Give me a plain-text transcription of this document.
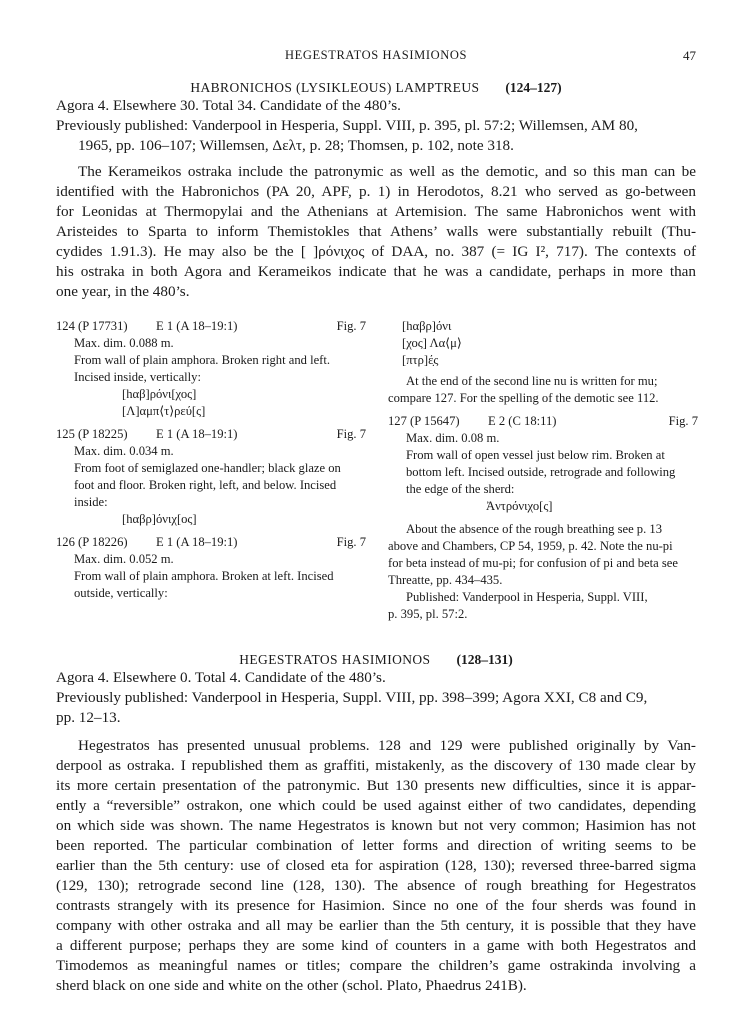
HEGESTRATOS HASIMIONOS	47
HABRONICHOS (LYSIKLEOUS) LAMPTREUS (124–127)

Agora 4. Elsewhere 30. Total 34. Candidate of the 480’s.

Previously published: Vanderpool in Hesperia, Suppl. VIII, p. 395, pl. 57:2; Willemsen, AM 80,

1965, pp. 106–107; Willemsen, Δελτ, p. 28; Thomsen, p. 102, note 318.

The Kerameikos ostraka include the patronymic as well as the demotic, and so this man can be

identified with the Habronichos (PA 20, APF, p. 1) in Herodotos, 8.21 who served as go-between

for Leonidas at Thermopylai and the Athenians at Artemision. The same Habronichos went with

Aristeides to Sparta to inform Themistokles that Athens’ walls were substantially rebuilt (Thu-

cydides 1.91.3). He may also be the [ ]ρόνιχος of DAA, no. 387 (= IG I², 717). The contexts of

his ostraka in both Agora and Kerameikos indicate that he was a candidate, perhaps in more than

one year, in the 480’s.

124 (P 17731) E 1 (A 18–19:1)	Fig. 7

Max. dim. 0.088 m.

From wall of plain amphora. Broken right and left.

Incised inside, vertically:

[hαβ]ρόνι[χος]

[Λ]αμπ⟨τ⟩ρεύ[ς]

125 (P 18225) E 1 (A 18–19:1)	Fig. 7

Max. dim. 0.034 m.

From foot of semiglazed one-handler; black glaze on

foot and floor. Broken right, left, and below. Incised

inside:

[hαβρ]όνιχ[ος]

126 (P 18226) E 1 (A 18–19:1)	Fig. 7

Max. dim. 0.052 m.

From wall of plain amphora. Broken at left. Incised

outside, vertically:

[hαβρ]όνι

[χος] Λα⟨μ⟩

[πτρ]έ̣ς

At the end of the second line nu is written for mu;

compare 127. For the spelling of the demotic see 112.

127 (P 15647) E 2 (C 18:11)	Fig. 7

Max. dim. 0.08 m.

From wall of open vessel just below rim. Broken at

bottom left. Incised outside, retrograde and following

the edge of the sherd:

Ἀντρόνιχο[ς]

About the absence of the rough breathing see p. 13

above and Chambers, CP 54, 1959, p. 42. Note the nu-pi

for beta instead of mu-pi; for confusion of pi and beta see

Threatte, pp. 434–435.

Published: Vanderpool in Hesperia, Suppl. VIII,

p. 395, pl. 57:2.

HEGESTRATOS HASIMIONOS (128–131)

Agora 4. Elsewhere 0. Total 4. Candidate of the 480’s.

Previously published: Vanderpool in Hesperia, Suppl. VIII, pp. 398–399; Agora XXI, C8 and C9,

pp. 12–13.

Hegestratos has presented unusual problems. 128 and 129 were published originally by Van-

derpool as ostraka. I republished them as graffiti, mistakenly, as the discovery of 130 made clear by

its more certain presentation of the patronymic. But 130 presents new difficulties, since it is appar-

ently a “reversible” ostrakon, one which could be used against either of two candidates, depending

on which side was shown. The name Hegestratos is known but not very common; Hasimion has not

been reported. The particular combination of letter forms and direction of writing seems to be

earlier than the 5th century: use of closed eta for aspiration (128, 130); reversed three-barred sigma

(129, 130); retrograde second line (128, 130). The absence of rough breathing for Hegestratos

contrasts strangely with its presence for Hasimion. Since no one of the four sherds was found in

company with other ostraka and all may be earlier than the 5th century, it is possible that they have

a different purpose; perhaps they are some kind of counters in a game with both Hegestratos and

Timodemos as meaningful names or titles; compare the children’s game ostrakinda involving a

sherd black on one side and white on the other (schol. Plato, Phaedrus 241B).
